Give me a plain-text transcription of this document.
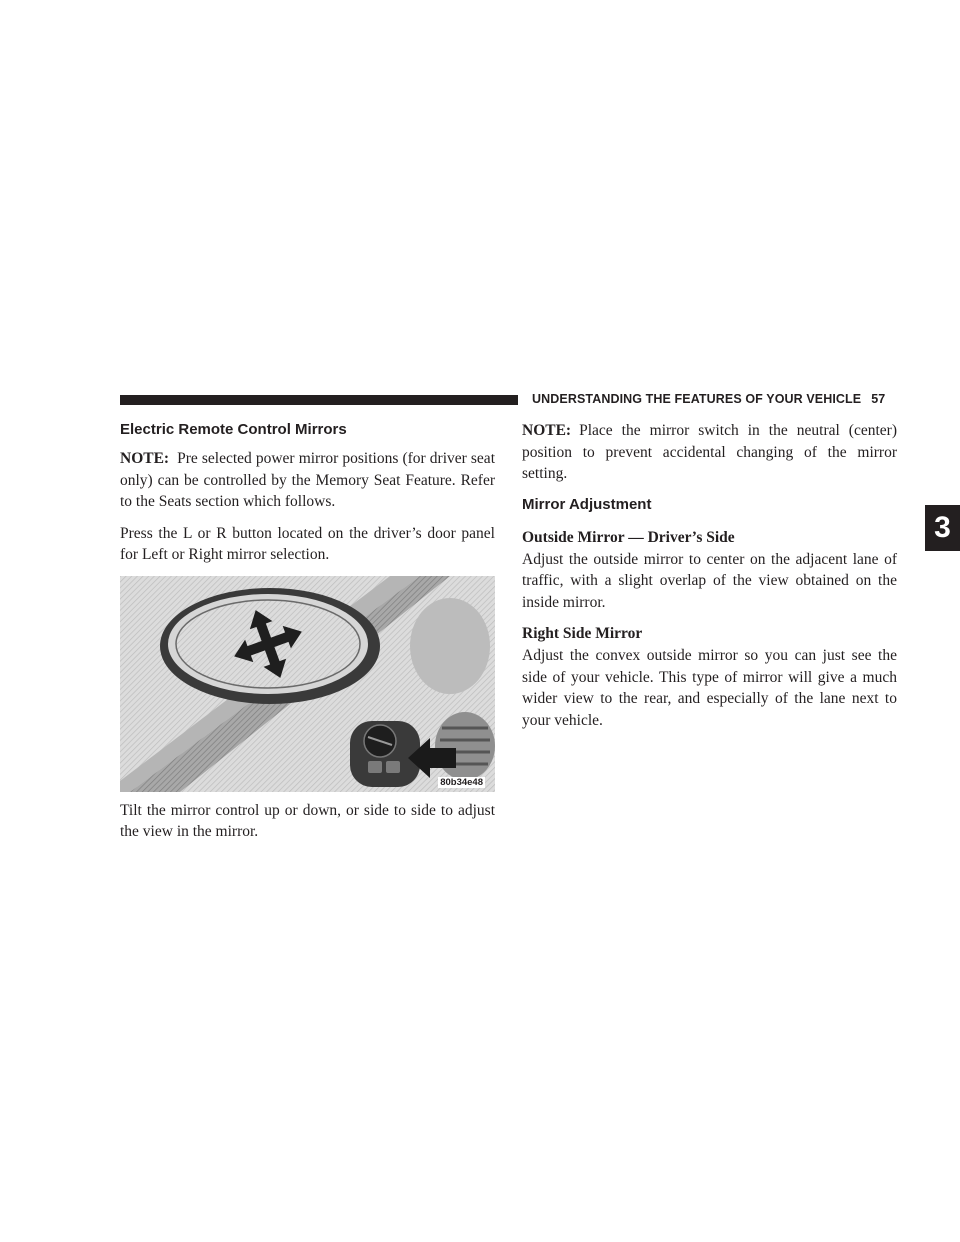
UNDERSTANDING THE FEATURES OF YOUR VEHICLE 57
3
Electric Remote Control Mirrors

NOTE: Pre selected power mirror positions (for driver seat only) can be controlled by the Memory Seat Feature. Refer to the Seats section which follows.

Press the L or R button located on the driver’s door panel for Left or Right mirror selection.

80b34e48

Tilt the mirror control up or down, or side to side to adjust the view in the mirror.

NOTE: Place the mirror switch in the neutral (center) position to prevent accidental changing of the mirror setting.

Mirror Adjustment
Outside Mirror — Driver’s Side

Adjust the outside mirror to center on the adjacent lane of traffic, with a slight overlap of the view obtained on the inside mirror.

Right Side Mirror

Adjust the convex outside mirror so you can just see the side of your vehicle. This type of mirror will give a much wider view to the rear, and especially of the lane next to your vehicle.
